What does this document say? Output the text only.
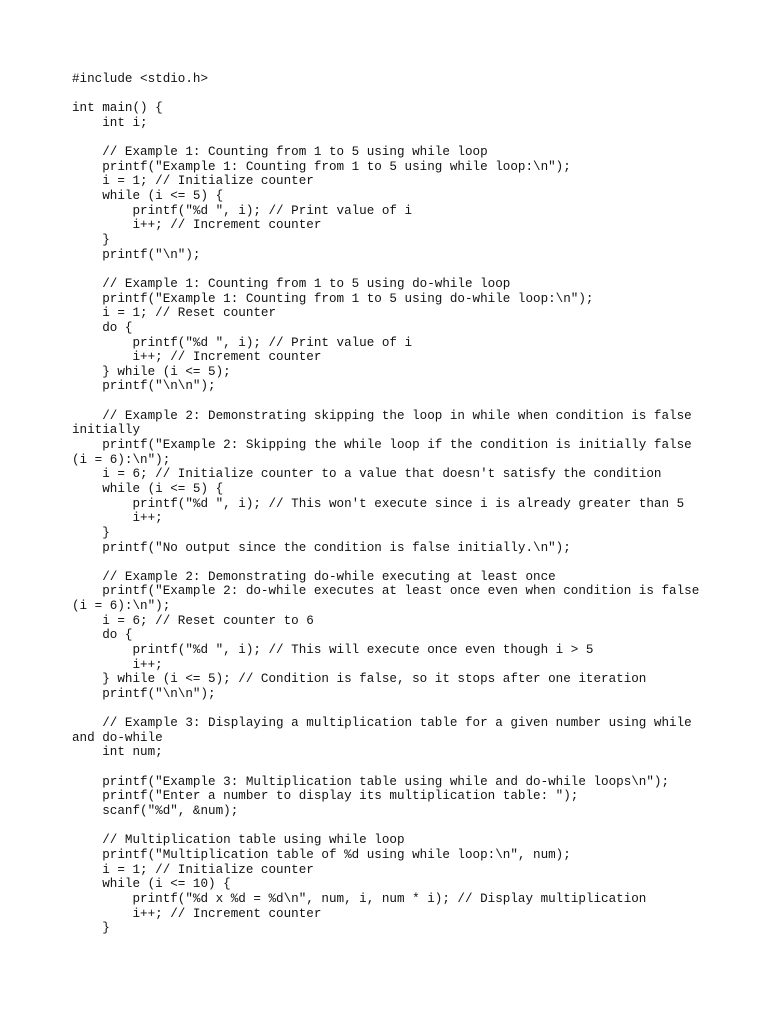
#include <stdio.h>
int main() {
int i;
// Example 1: Counting from 1 to 5 using while loop
printf("Example 1: Counting from 1 to 5 using while loop:\n");
i = 1; // Initialize counter
while (i <= 5) {
printf("%d ", i); // Print value of i
i++; // Increment counter
}
printf("\n");
// Example 1: Counting from 1 to 5 using do-while loop
printf("Example 1: Counting from 1 to 5 using do-while loop:\n");
i = 1; // Reset counter
do {
printf("%d ", i); // Print value of i
i++; // Increment counter
} while (i <= 5);
printf("\n\n");
// Example 2: Demonstrating skipping the loop in while when condition is false
initially
printf("Example 2: Skipping the while loop if the condition is initially false
(i = 6):\n");
i = 6; // Initialize counter to a value that doesn't satisfy the condition
while (i <= 5) {
printf("%d ", i); // This won't execute since i is already greater than 5
i++;
}
printf("No output since the condition is false initially.\n");
// Example 2: Demonstrating do-while executing at least once
printf("Example 2: do-while executes at least once even when condition is false
(i = 6):\n");
i = 6; // Reset counter to 6
do {
printf("%d ", i); // This will execute once even though i > 5
i++;
} while (i <= 5); // Condition is false, so it stops after one iteration
printf("\n\n");
// Example 3: Displaying a multiplication table for a given number using while
and do-while
int num;
printf("Example 3: Multiplication table using while and do-while loops\n");
printf("Enter a number to display its multiplication table: ");
scanf("%d", &num);
// Multiplication table using while loop
printf("Multiplication table of %d using while loop:\n", num);
i = 1; // Initialize counter
while (i <= 10) {
printf("%d x %d = %d\n", num, i, num * i); // Display multiplication
i++; // Increment counter
}
